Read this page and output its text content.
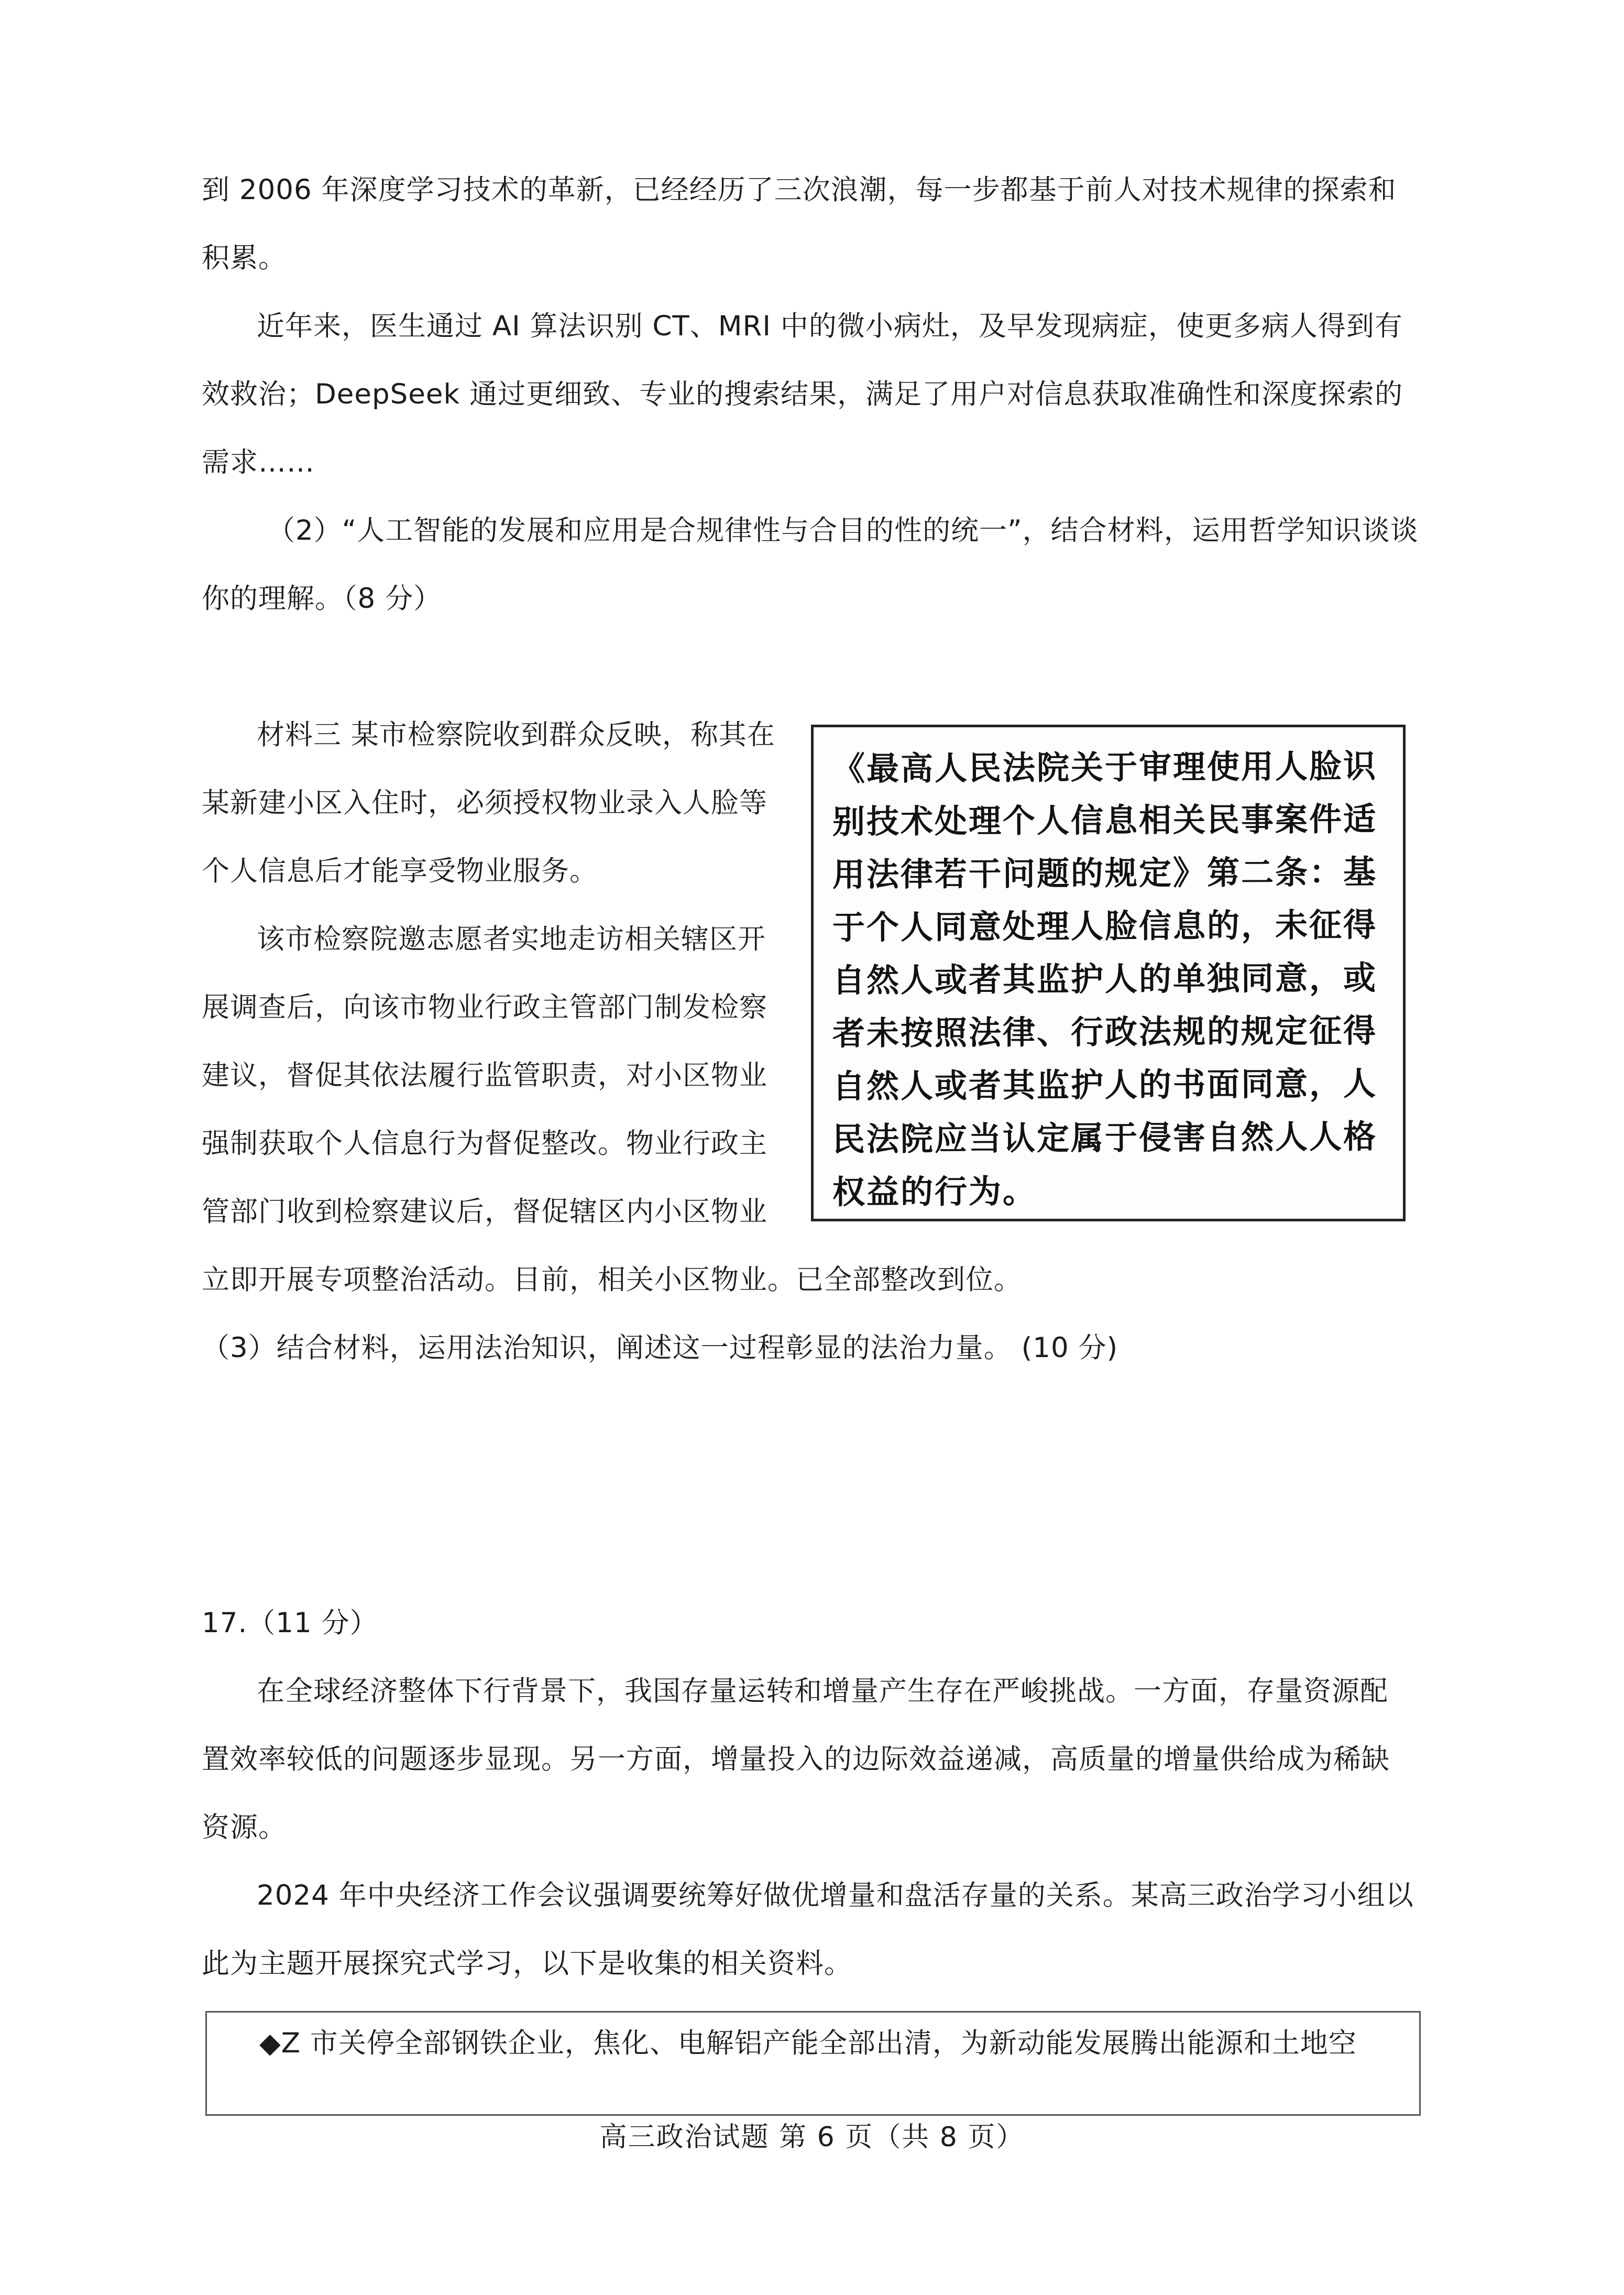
到 2006 年深度学习技术的革新，已经经历了三次浪潮，每一步都基于前人对技术规律的探索和
积累。
近年来，医生通过 AI 算法识别 CT、MRI 中的微小病灶，及早发现病症，使更多病人得到有
效救治；DeepSeek 通过更细致、专业的搜索结果，满足了用户对信息获取准确性和深度探索的
需求……
（2）“人工智能的发展和应用是合规律性与合目的性的统一”，结合材料，运用哲学知识谈谈
你的理解。（8 分）
材料三 某市检察院收到群众反映，称其在
某新建小区入住时，必须授权物业录入人脸等
个人信息后才能享受物业服务。
该市检察院邀志愿者实地走访相关辖区开
展调查后，向该市物业行政主管部门制发检察
建议，督促其依法履行监管职责，对小区物业
强制获取个人信息行为督促整改。物业行政主
管部门收到检察建议后，督促辖区内小区物业
立即开展专项整治活动。目前，相关小区物业。已全部整改到位。
《最高人民法院关于审理使用人脸识
别技术处理个人信息相关民事案件适
用法律若干问题的规定》第二条：基
于个人同意处理人脸信息的，未征得
自然人或者其监护人的单独同意，或
者未按照法律、行政法规的规定征得
自然人或者其监护人的书面同意，人
民法院应当认定属于侵害自然人人格
权益的行为。
（3）结合材料，运用法治知识，阐述这一过程彰显的法治力量。 (10 分)
17.（11 分）
在全球经济整体下行背景下，我国存量运转和增量产生存在严峻挑战。一方面，存量资源配
置效率较低的问题逐步显现。另一方面，增量投入的边际效益递减，高质量的增量供给成为稀缺
资源。
2024 年中央经济工作会议强调要统筹好做优增量和盘活存量的关系。某高三政治学习小组以
此为主题开展探究式学习，以下是收集的相关资料。
◆Z 市关停全部钢铁企业，焦化、电解铝产能全部出清，为新动能发展腾出能源和土地空
高三政治试题 第 6 页（共 8 页）
